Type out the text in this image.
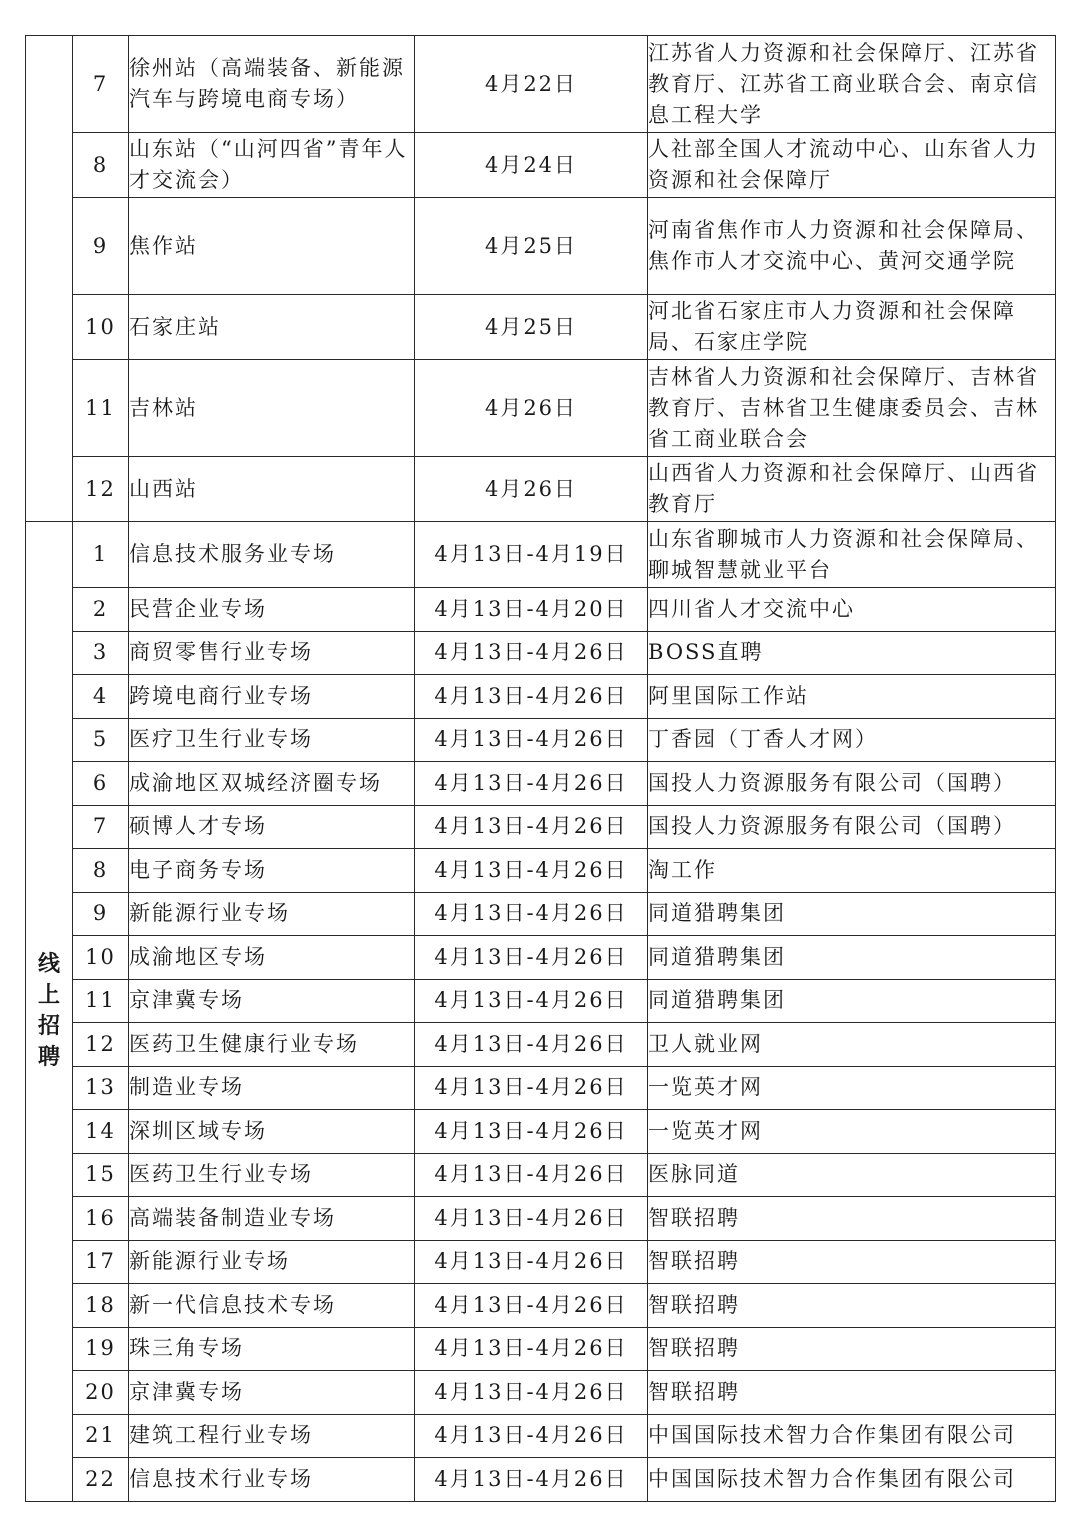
	7	徐州站（高端装备、新能源汽车与跨境电商专场）	4月22日	江苏省人力资源和社会保障厅、江苏省教育厅、江苏省工商业联合会、南京信息工程大学
	8	山东站（“山河四省”青年人才交流会）	4月24日	人社部全国人才流动中心、山东省人力资源和社会保障厅
	9	焦作站	4月25日	河南省焦作市人力资源和社会保障局、焦作市人才交流中心、黄河交通学院
	10	石家庄站	4月25日	河北省石家庄市人力资源和社会保障局、石家庄学院
	11	吉林站	4月26日	吉林省人力资源和社会保障厅、吉林省教育厅、吉林省卫生健康委员会、吉林省工商业联合会
	12	山西站	4月26日	山西省人力资源和社会保障厅、山西省教育厅
线上招聘	1	信息技术服务业专场	4月13日-4月19日	山东省聊城市人力资源和社会保障局、聊城智慧就业平台
	2	民营企业专场	4月13日-4月20日	四川省人才交流中心
	3	商贸零售行业专场	4月13日-4月26日	BOSS直聘
	4	跨境电商行业专场	4月13日-4月26日	阿里国际工作站
	5	医疗卫生行业专场	4月13日-4月26日	丁香园（丁香人才网）
	6	成渝地区双城经济圈专场	4月13日-4月26日	国投人力资源服务有限公司（国聘）
	7	硕博人才专场	4月13日-4月26日	国投人力资源服务有限公司（国聘）
	8	电子商务专场	4月13日-4月26日	淘工作
	9	新能源行业专场	4月13日-4月26日	同道猎聘集团
	10	成渝地区专场	4月13日-4月26日	同道猎聘集团
	11	京津冀专场	4月13日-4月26日	同道猎聘集团
	12	医药卫生健康行业专场	4月13日-4月26日	卫人就业网
	13	制造业专场	4月13日-4月26日	一览英才网
	14	深圳区域专场	4月13日-4月26日	一览英才网
	15	医药卫生行业专场	4月13日-4月26日	医脉同道
	16	高端装备制造业专场	4月13日-4月26日	智联招聘
	17	新能源行业专场	4月13日-4月26日	智联招聘
	18	新一代信息技术专场	4月13日-4月26日	智联招聘
	19	珠三角专场	4月13日-4月26日	智联招聘
	20	京津冀专场	4月13日-4月26日	智联招聘
	21	建筑工程行业专场	4月13日-4月26日	中国国际技术智力合作集团有限公司
	22	信息技术行业专场	4月13日-4月26日	中国国际技术智力合作集团有限公司
